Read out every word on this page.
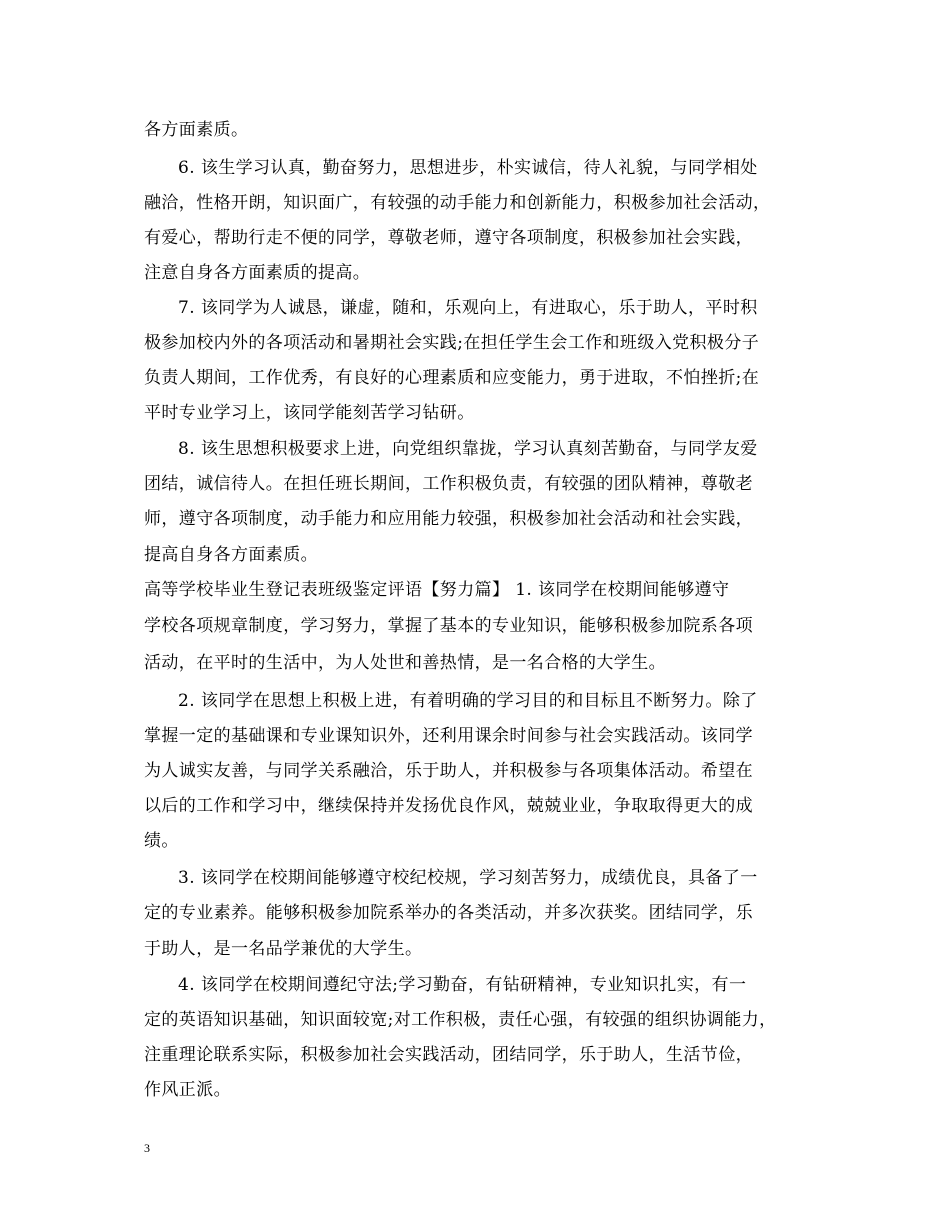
各方面素质。
6. 该生学习认真，勤奋努力，思想进步，朴实诚信，待人礼貌，与同学相处
融洽，性格开朗，知识面广，有较强的动手能力和创新能力，积极参加社会活动，
有爱心，帮助行走不便的同学，尊敬老师，遵守各项制度，积极参加社会实践，
注意自身各方面素质的提高。
7. 该同学为人诚恳，谦虚，随和，乐观向上，有进取心，乐于助人，平时积
极参加校内外的各项活动和暑期社会实践;在担任学生会工作和班级入党积极分子
负责人期间，工作优秀，有良好的心理素质和应变能力，勇于进取，不怕挫折;在
平时专业学习上，该同学能刻苦学习钻研。
8. 该生思想积极要求上进，向党组织靠拢，学习认真刻苦勤奋，与同学友爱
团结，诚信待人。在担任班长期间，工作积极负责，有较强的团队精神，尊敬老
师，遵守各项制度，动手能力和应用能力较强，积极参加社会活动和社会实践，
提高自身各方面素质。
高等学校毕业生登记表班级鉴定评语【努力篇】 1. 该同学在校期间能够遵守
学校各项规章制度，学习努力，掌握了基本的专业知识，能够积极参加院系各项
活动，在平时的生活中，为人处世和善热情，是一名合格的大学生。
2. 该同学在思想上积极上进，有着明确的学习目的和目标且不断努力。除了
掌握一定的基础课和专业课知识外，还利用课余时间参与社会实践活动。该同学
为人诚实友善，与同学关系融洽，乐于助人，并积极参与各项集体活动。希望在
以后的工作和学习中，继续保持并发扬优良作风，兢兢业业，争取取得更大的成
绩。
3. 该同学在校期间能够遵守校纪校规，学习刻苦努力，成绩优良，具备了一
定的专业素养。能够积极参加院系举办的各类活动，并多次获奖。团结同学，乐
于助人，是一名品学兼优的大学生。
4. 该同学在校期间遵纪守法;学习勤奋，有钻研精神，专业知识扎实，有一
定的英语知识基础，知识面较宽;对工作积极，责任心强，有较强的组织协调能力，
注重理论联系实际，积极参加社会实践活动，团结同学，乐于助人，生活节俭，
作风正派。
3
